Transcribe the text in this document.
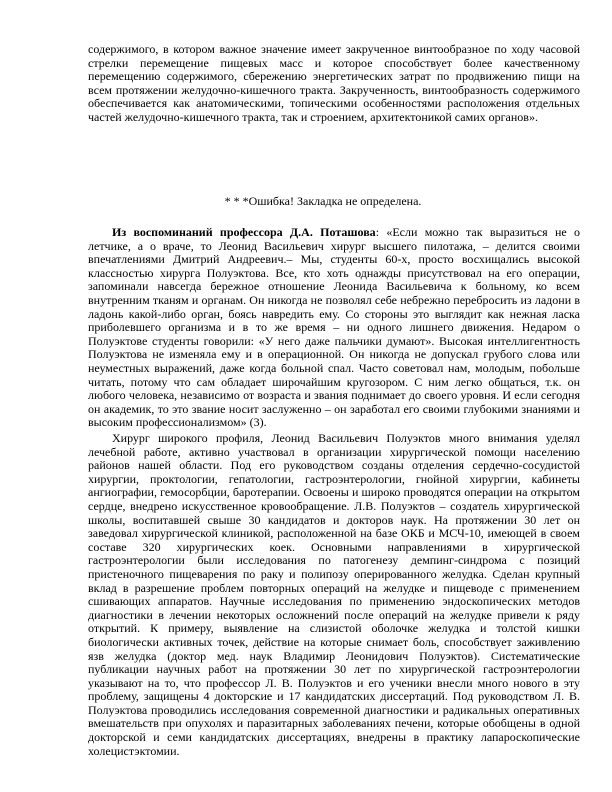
содержимого, в котором важное значение имеет закрученное винтообразное по ходу часовой стрелки перемещение пищевых масс и которое способствует более качественному перемещению содержимого, сбережению энергетических затрат по продвижению пищи на всем протяжении желудочно-кишечного тракта. Закрученность, винтообразность содержимого обеспечивается как анатомическими, топическими особенностями расположения отдельных частей желудочно-кишечного тракта, так и строением, архитектоникой самих органов».

* * *Ошибка! Закладка не определена.

Из воспоминаний профессора Д.А. Поташова: «Если можно так выразиться не о летчике, а о враче, то Леонид Васильевич хирург высшего пилотажа, – делится своими впечатлениями Дмитрий Андреевич.– Мы, студенты 60-х, просто восхищались высокой классностью хирурга Полуэктова. Все, кто хоть однажды присутствовал на его операции, запоминали навсегда бережное отношение Леонида Васильевича к больному, ко всем внутренним тканям и органам. Он никогда не позволял себе небрежно перебросить из ладони в ладонь какой-либо орган, боясь навредить ему. Со стороны это выглядит как нежная ласка приболевшего организма и в то же время – ни одного лишнего движения. Недаром о Полуэктове студенты говорили: «У него даже пальчики думают». Высокая интеллигентность Полуэктова не изменяла ему и в операционной. Он никогда не допускал грубого слова или неуместных выражений, даже когда больной спал. Часто советовал нам, молодым, побольше читать, потому что сам обладает широчайшим кругозором. С ним легко общаться, т.к. он любого человека, независимо от возраста и звания поднимает до своего уровня. И если сегодня он академик, то это звание носит заслуженно – он заработал его своими глубокими знаниями и высоким профессионализмом» (3).

Хирург широкого профиля, Леонид Васильевич Полуэктов много внимания уделял лечебной работе, активно участвовал в организации хирургической помощи населению районов нашей области. Под его руководством созданы отделения сердечно-сосудистой хирургии, проктологии, гепатологии, гастроэнтерологии, гнойной хирургии, кабинеты ангиографии, гемосорбции, баротерапии. Освоены и широко проводятся операции на открытом сердце, внедрено искусственное кровообращение. Л.В. Полуэктов – создатель хирургической школы, воспитавшей свыше 30 кандидатов и докторов наук. На протяжении 30 лет он заведовал хирургической клиникой, расположенной на базе ОКБ и МСЧ-10, имеющей в своем составе 320 хирургических коек. Основными направлениями в хирургической гастроэнтерологии были исследования по патогенезу демпинг-синдрома с позиций пристеночного пищеварения по раку и полипозу оперированного желудка. Сделан крупный вклад в разрешение проблем повторных операций на желудке и пищеводе с применением сшивающих аппаратов. Научные исследования по применению эндоскопических методов диагностики в лечении некоторых осложнений после операций на желудке привели к ряду открытий. К примеру, выявление на слизистой оболочке желудка и толстой кишки биологически активных точек, действие на которые снимает боль, способствует заживлению язв желудка (доктор мед. наук Владимир Леонидович Полуэктов). Систематические публикации научных работ на протяжении 30 лет по хирургической гастроэнтерологии указывают на то, что профессор Л. В. Полуэктов и его ученики внесли много нового в эту проблему, защищены 4 докторские и 17 кандидатских диссертаций. Под руководством Л. В. Полуэктова проводились исследования современной диагностики и радикальных оперативных вмешательств при опухолях и паразитарных заболеваниях печени, которые обобщены в одной докторской и семи кандидатских диссертациях, внедрены в практику лапароскопические холецистэктомии.
